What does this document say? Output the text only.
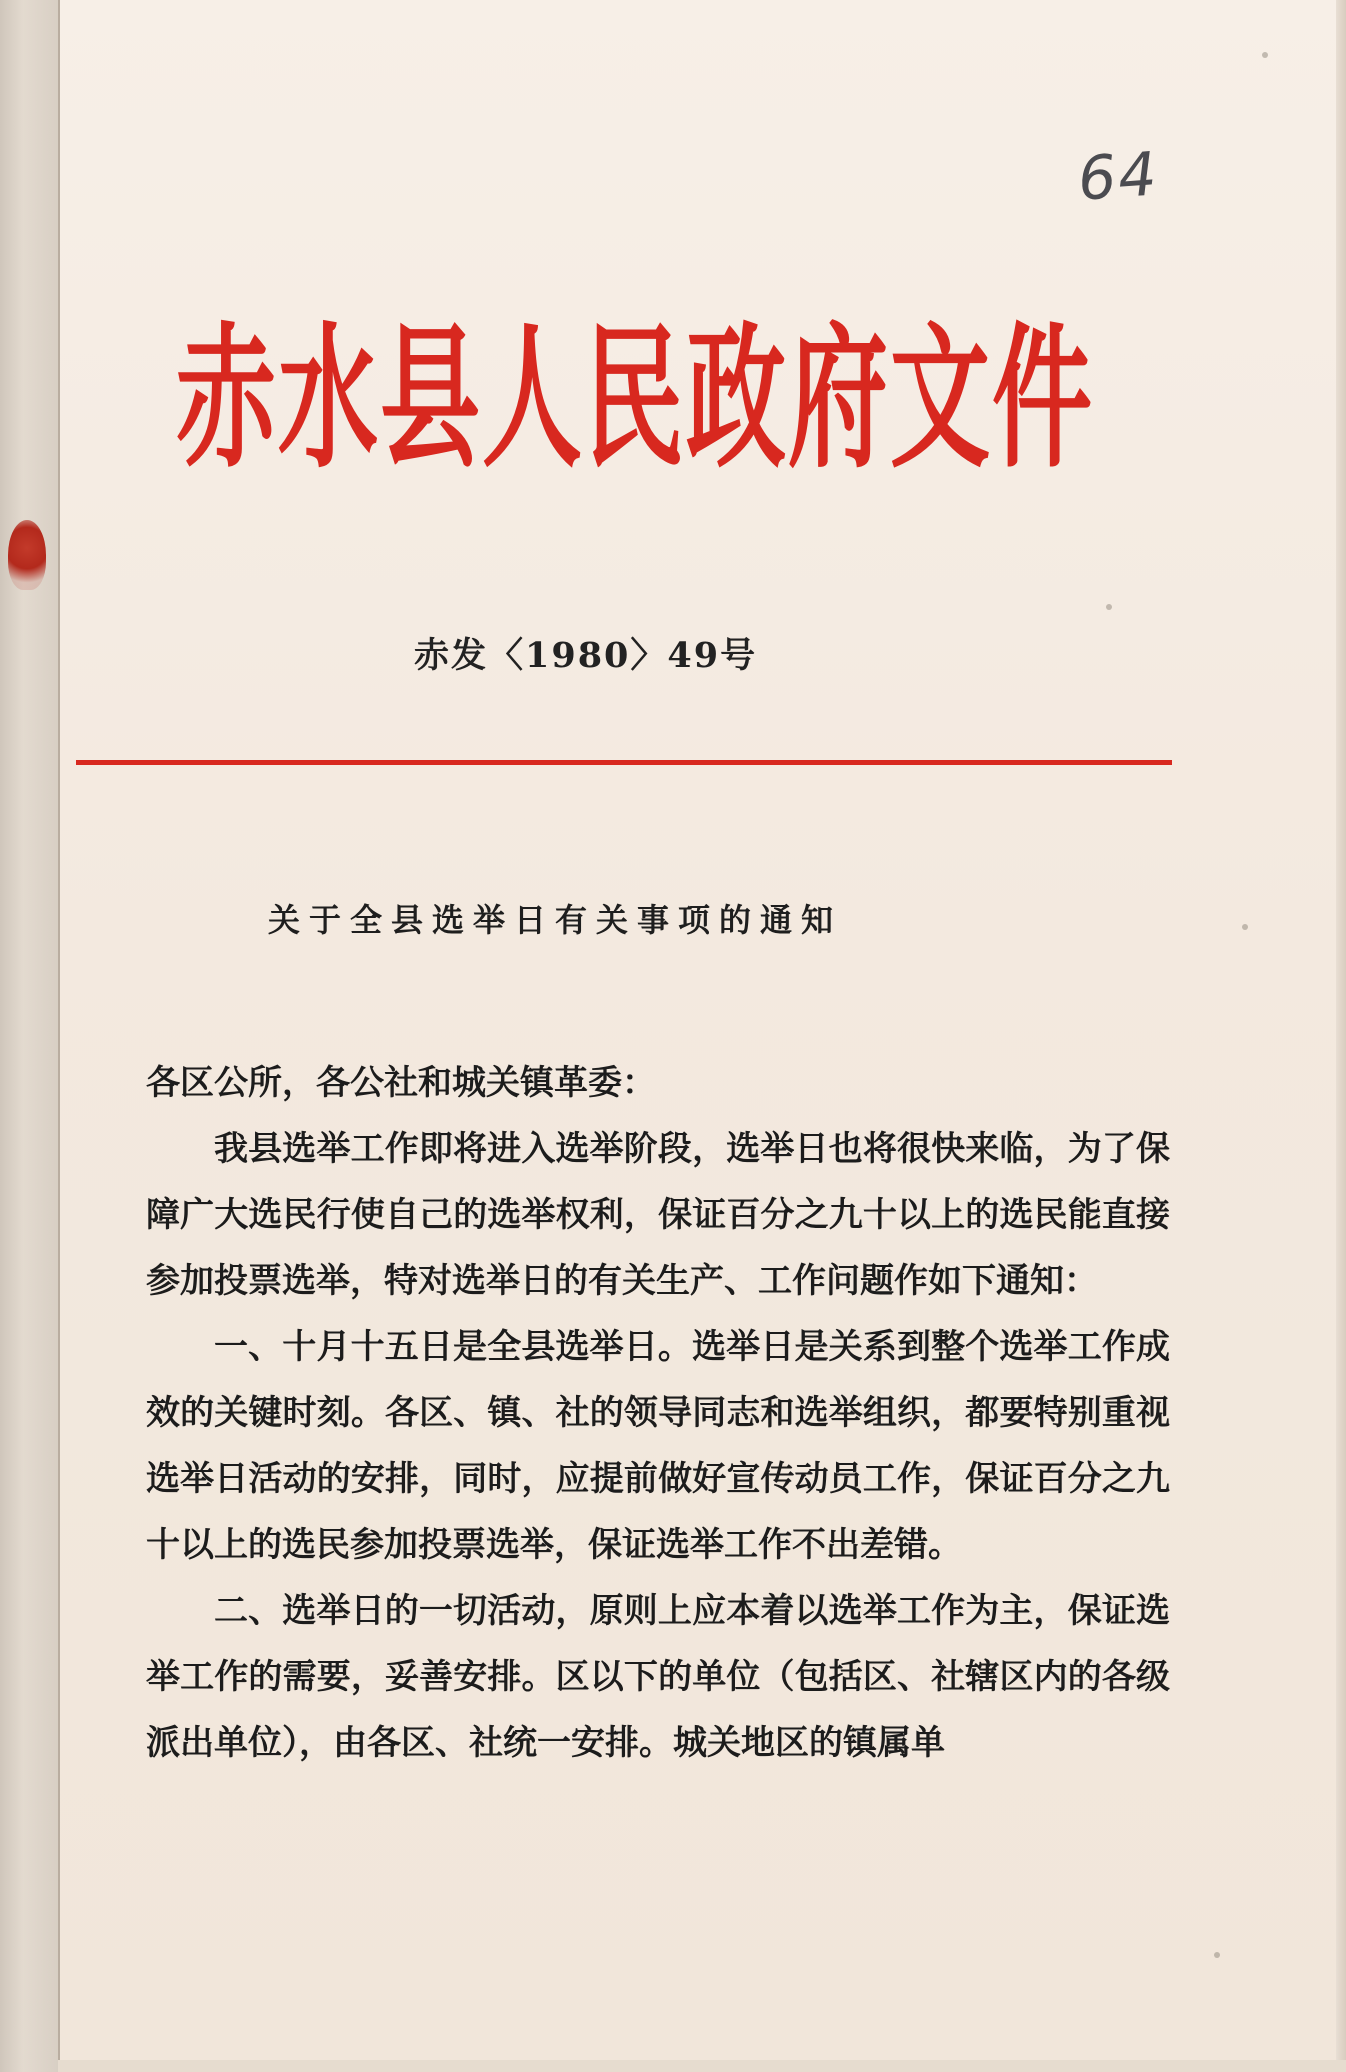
64
赤水县人民政府文件
赤发〈1980〉49号
关于全县选举日有关事项的通知

各区公所，各公社和城关镇革委：

我县选举工作即将进入选举阶段，选举日也将很快来临，为了保障广大选民行使自己的选举权利，保证百分之九十以上的选民能直接参加投票选举，特对选举日的有关生产、工作问题作如下通知：

一、十月十五日是全县选举日。选举日是关系到整个选举工作成效的关键时刻。各区、镇、社的领导同志和选举组织，都要特别重视选举日活动的安排，同时，应提前做好宣传动员工作，保证百分之九十以上的选民参加投票选举，保证选举工作不出差错。

二、选举日的一切活动，原则上应本着以选举工作为主，保证选举工作的需要，妥善安排。区以下的单位（包括区、社辖区内的各级派出单位），由各区、社统一安排。城关地区的镇属单
